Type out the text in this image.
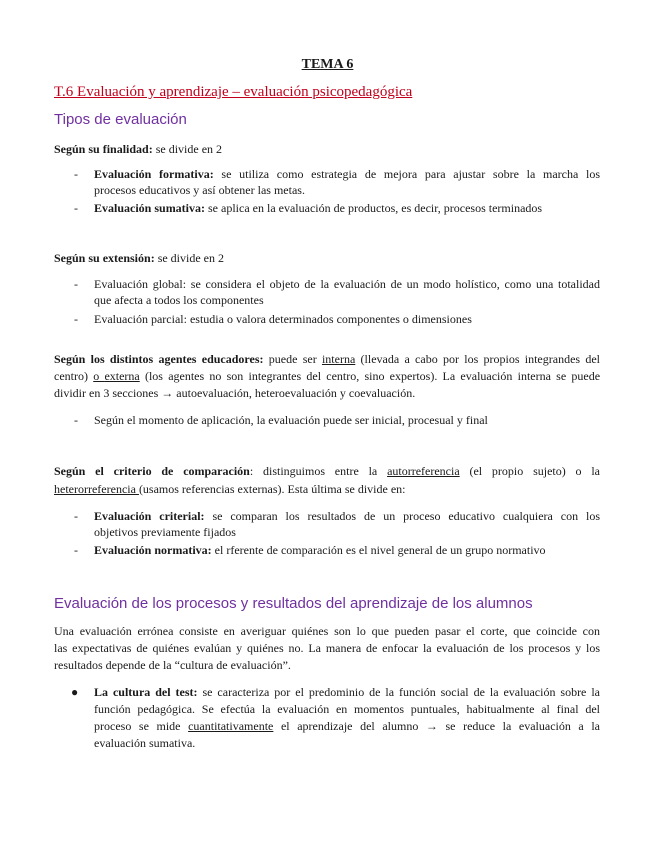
TEMA 6
T.6 Evaluación y aprendizaje – evaluación psicopedagógica
Tipos de evaluación
Según su finalidad: se divide en 2
- Evaluación formativa: se utiliza como estrategia de mejora para ajustar sobre la marcha los
procesos educativos y así obtener las metas.
- Evaluación sumativa: se aplica en la evaluación de productos, es decir, procesos terminados
Según su extensión: se divide en 2
- Evaluación global: se considera el objeto de la evaluación de un modo holístico, como una totalidad
que afecta a todos los componentes
- Evaluación parcial: estudia o valora determinados componentes o dimensiones
Según los distintos agentes educadores: puede ser interna (llevada a cabo por los propios integrandes del
centro) o externa (los agentes no son integrantes del centro, sino expertos). La evaluación interna se puede
dividir en 3 secciones → autoevaluación, heteroevaluación y coevaluación.
- Según el momento de aplicación, la evaluación puede ser inicial, procesual y final
Según el criterio de comparación: distinguimos entre la autorreferencia (el propio sujeto) o la
heterorreferencia (usamos referencias externas). Esta última se divide en:
- Evaluación criterial: se comparan los resultados de un proceso educativo cualquiera con los
objetivos previamente fijados
- Evaluación normativa: el rferente de comparación es el nivel general de un grupo normativo
Evaluación de los procesos y resultados del aprendizaje de los alumnos
Una evaluación errónea consiste en averiguar quiénes son lo que pueden pasar el corte, que coincide con
las expectativas de quiénes evalúan y quiénes no. La manera de enfocar la evaluación de los procesos y los
resultados depende de la “cultura de evaluación”.
● La cultura del test: se caracteriza por el predominio de la función social de la evaluación sobre la
función pedagógica. Se efectúa la evaluación en momentos puntuales, habitualmente al final del
proceso se mide cuantitativamente el aprendizaje del alumno → se reduce la evaluación a la
evaluación sumativa.
